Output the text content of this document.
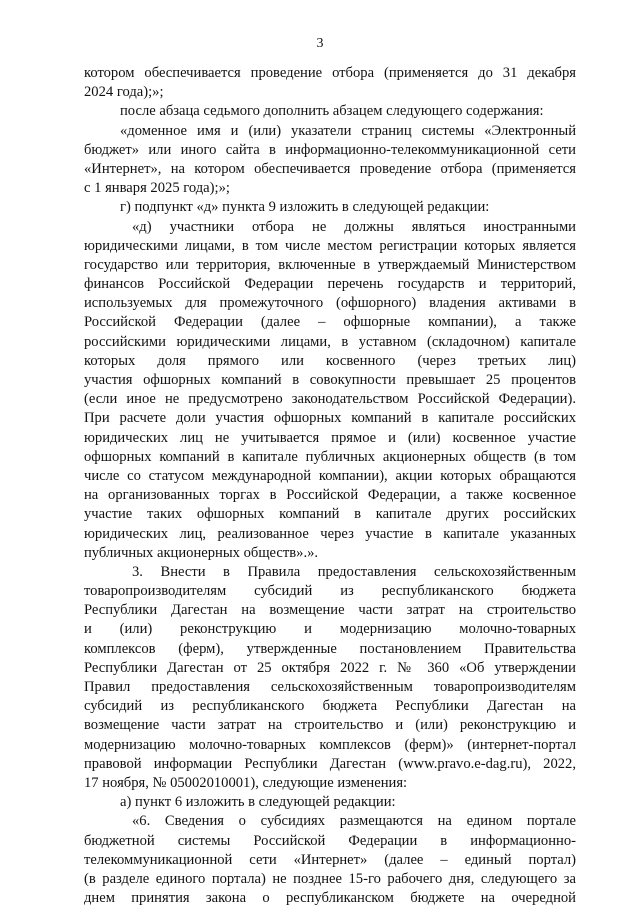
3
котором обеспечивается проведение отбора (применяется до 31 декабря
2024 года);»;
после абзаца седьмого дополнить абзацем следующего содержания:
«доменное имя и (или) указатели страниц системы «Электронный
бюджет» или иного сайта в информационно-телекоммуникационной сети
«Интернет», на котором обеспечивается проведение отбора (применяется
с 1 января 2025 года);»;
г) подпункт «д» пункта 9 изложить в следующей редакции:
«д) участники отбора не должны являться иностранными
юридическими лицами, в том числе местом регистрации которых является
государство или территория, включенные в утверждаемый Министерством
финансов Российской Федерации перечень государств и территорий,
используемых для промежуточного (офшорного) владения активами в
Российской Федерации (далее – офшорные компании), а также
российскими юридическими лицами, в уставном (складочном) капитале
которых доля прямого или косвенного (через третьих лиц)
участия офшорных компаний в совокупности превышает 25 процентов
(если иное не предусмотрено законодательством Российской Федерации).
При расчете доли участия офшорных компаний в капитале российских
юридических лиц не учитывается прямое и (или) косвенное участие
офшорных компаний в капитале публичных акционерных обществ (в том
числе со статусом международной компании), акции которых обращаются
на организованных торгах в Российской Федерации, а также косвенное
участие таких офшорных компаний в капитале других российских
юридических лиц, реализованное через участие в капитале указанных
публичных акционерных обществ».».
3. Внести в Правила предоставления сельскохозяйственным
товаропроизводителям субсидий из республиканского бюджета
Республики Дагестан на возмещение части затрат на строительство
и (или) реконструкцию и модернизацию молочно-товарных
комплексов (ферм), утвержденные постановлением Правительства
Республики Дагестан от 25 октября 2022 г. № 360 «Об утверждении
Правил предоставления сельскохозяйственным товаропроизводителям
субсидий из республиканского бюджета Республики Дагестан на
возмещение части затрат на строительство и (или) реконструкцию и
модернизацию молочно-товарных комплексов (ферм)» (интернет-портал
правовой информации Республики Дагестан (www.pravo.e-dag.ru), 2022,
17 ноября, № 05002010001), следующие изменения:
а) пункт 6 изложить в следующей редакции:
«6. Сведения о субсидиях размещаются на едином портале
бюджетной системы Российской Федерации в информационно-
телекоммуникационной сети «Интернет» (далее – единый портал)
(в разделе единого портала) не позднее 15-го рабочего дня, следующего за
днем принятия закона о республиканском бюджете на очередной
